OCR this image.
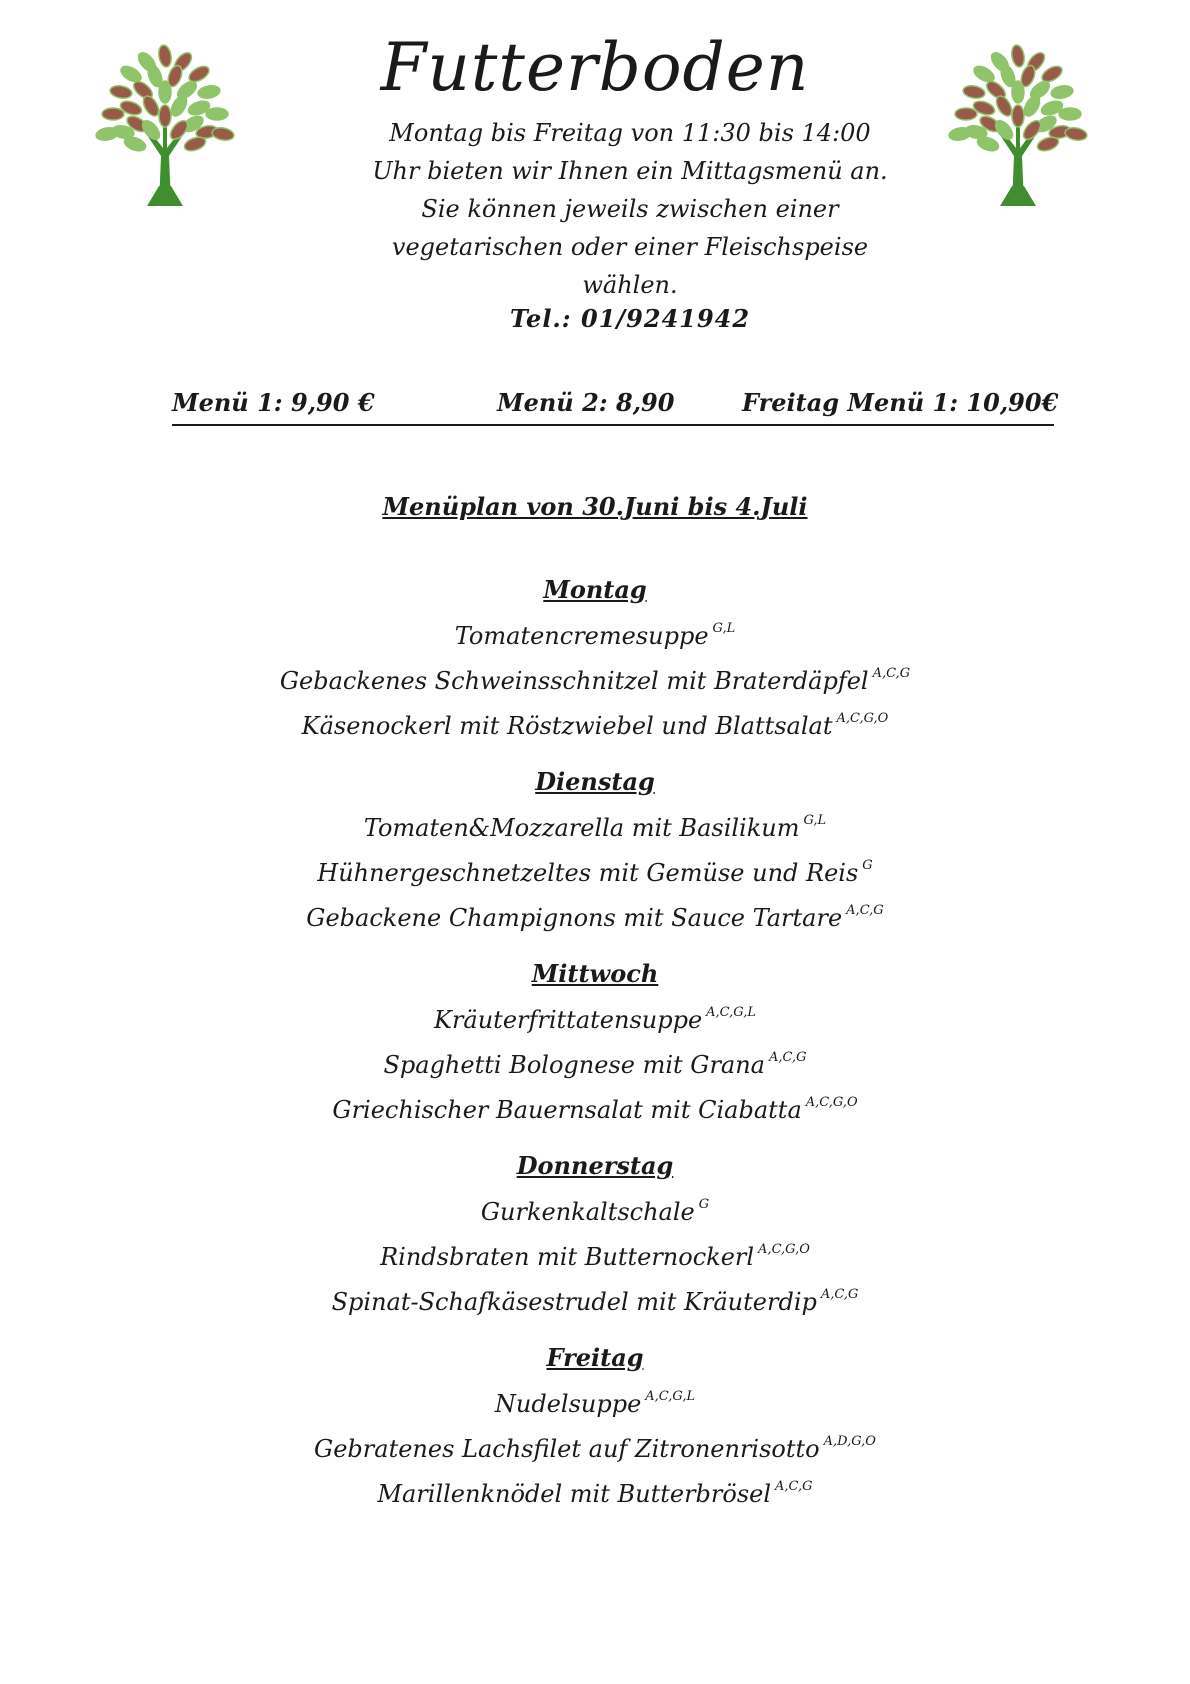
Futterboden

Montag bis Freitag von 11:30 bis 14:00

Uhr bieten wir Ihnen ein Mittagsmenü an.

Sie können jeweils zwischen einer

vegetarischen oder einer Fleischspeise

wählen.

Tel.: 01/9241942
Menü 1: 9,90 €	Menü 2: 8,90	Freitag Menü 1: 10,90€
Menüplan von 30.Juni bis 4.Juli
Montag
Tomatencremesuppe $^{G,L}$
Gebackenes Schweinsschnitzel mit Braterdäpfel $^{A,C,G}$
Käsenockerl mit Röstzwiebel und Blattsalat $^{A,C,G,O}$
Dienstag
Tomaten&Mozzarella mit Basilikum $^{G,L}$
Hühnergeschnetzeltes mit Gemüse und Reis $^G$
Gebackene Champignons mit Sauce Tartare $^{A,C,G}$
Mittwoch
Kräuterfrittatensuppe $^{A,C,G,L}$
Spaghetti Bolognese mit Grana $^{A,C,G}$
Griechischer Bauernsalat mit Ciabatta $^{A,C,G,O}$
Donnerstag
Gurkenkaltschale $^G$
Rindsbraten mit Butternockerl $^{A,C,G,O}$
Spinat-Schafkäsestrudel mit Kräuterdip $^{A,C,G}$
Freitag
Nudelsuppe $^{A,C,G,L}$
Gebratenes Lachsfilet auf Zitronenrisotto $^{A,D,G,O}$
Marillenknödel mit Butterbrösel $^{A,C,G}$
